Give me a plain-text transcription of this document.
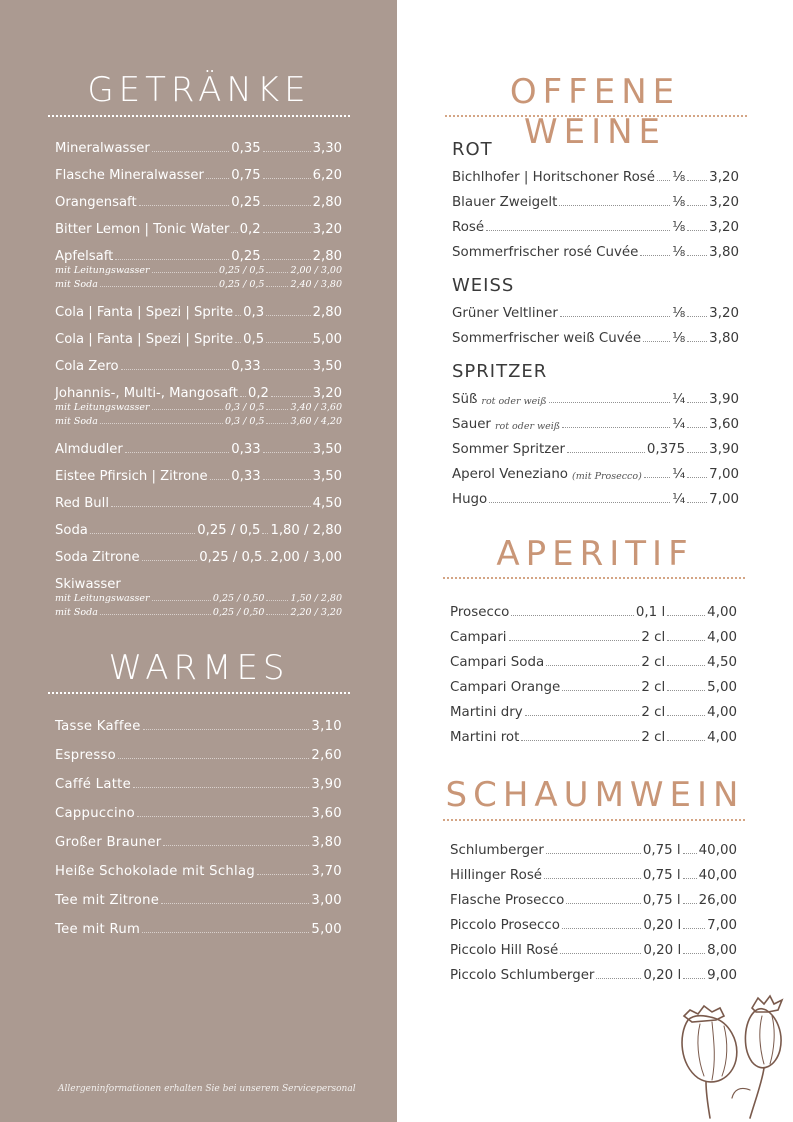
GETRÄNKE
Mineralwasser	0,35	3,30
Flasche Mineralwasser 0,75	6,20
Orangensaft	0,25	2,80
Bitter Lemon | Tonic Water 0,2	3,20
Apfelsaft	0,25	2,80
mit Leitungswasser	0,25 / 0,5	2,00 / 3,00
mit Soda	0,25 / 0,5	2,40 / 3,80
Cola | Fanta | Spezi | Sprite 0,3	2,80
Cola | Fanta | Spezi | Sprite 0,5	5,00
Cola Zero	0,33	3,50
Johannis-, Multi-, Mangosaft 0,2	3,20
mit Leitungswasser	0,3 / 0,5	3,40 / 3,60
mit Soda	0,3 / 0,5	3,60 / 4,20
Almdudler	0,33	3,50
Eistee Pfirsich | Zitrone 0,33	3,50
Red Bull	4,50
Soda	0,25 / 0,5 1,80 / 2,80
Soda Zitrone	0,25 / 0,5 2,00 / 3,00
Skiwasser
mit Leitungswasser	0,25 / 0,50	1,50 / 2,80
mit Soda	0,25 / 0,50	2,20 / 3,20
WARMES
Tasse Kaffee	3,10
Espresso	2,60
Caffé Latte	3,90
Cappuccino	3,60
Großer Brauner	3,80
Heiße Schokolade mit Schlag	3,70
Tee mit Zitrone	3,00
Tee mit Rum	5,00
Allergeninformationen erhalten Sie bei unserem Servicepersonal
OFFENE WEINE
ROT
Bichlhofer | Horitschoner Rosé ⅛ 3,20
Blauer Zweigelt	⅛ 3,20
Rosé	⅛ 3,20
Sommerfrischer rosé Cuvée	⅛ 3,80
WEISS
Grüner Veltliner	⅛ 3,20
Sommerfrischer weiß Cuvée ⅛ 3,80
SPRITZER
Süß rot oder weiß	¼ 3,90
Sauer rot oder weiß	¼ 3,60
Sommer Spritzer	0,375 3,90
Aperol Veneziano (mit Prosecco) ¼ 7,00
Hugo	¼ 7,00
APERITIF
Prosecco	0,1 l	4,00
Campari	2 cl	4,00
Campari Soda	2 cl	4,50
Campari Orange	2 cl	5,00
Martini dry	2 cl	4,00
Martini rot	2 cl	4,00
SCHAUMWEIN
Schlumberger	0,75 l 40,00
Hillinger Rosé	0,75 l 40,00
Flasche Prosecco	0,75 l 26,00
Piccolo Prosecco	0,20 l 7,00
Piccolo Hill Rosé	0,20 l 8,00
Piccolo Schlumberger	0,20 l 9,00
